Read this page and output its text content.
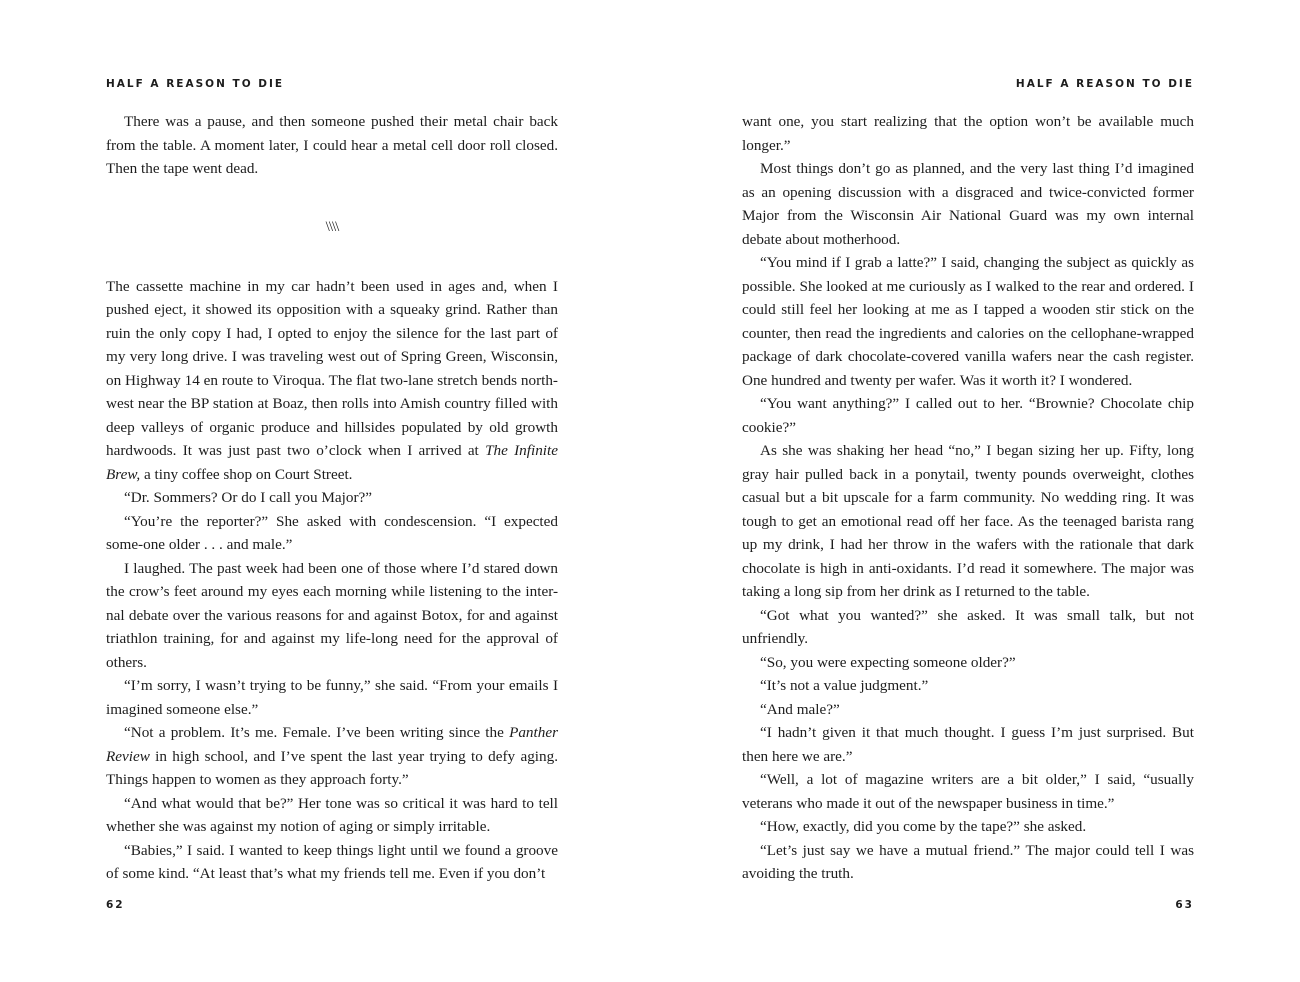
HALF A REASON TO DIE

There was a pause, and then someone pushed their metal chair back from the table. A moment later, I could hear a metal cell door roll closed. Then the tape went dead.

\\\\

The cassette machine in my car hadn’t been used in ages and, when I pushed eject, it showed its opposition with a squeaky grind. Rather than ruin the only copy I had, I opted to enjoy the silence for the last part of my very long drive. I was traveling west out of Spring Green, Wisconsin, on Highway 14 en route to Viroqua. The flat two-lane stretch bends north-west near the BP station at Boaz, then rolls into Amish country filled with deep valleys of organic produce and hillsides populated by old growth hardwoods. It was just past two o’clock when I arrived at The Infinite Brew, a tiny coffee shop on Court Street.

“Dr. Sommers? Or do I call you Major?”

“You’re the reporter?” She asked with condescension. “I expected some-one older . . . and male.”

I laughed. The past week had been one of those where I’d stared down the crow’s feet around my eyes each morning while listening to the inter-nal debate over the various reasons for and against Botox, for and against triathlon training, for and against my life-long need for the approval of others.

“I’m sorry, I wasn’t trying to be funny,” she said. “From your emails I imagined someone else.”

“Not a problem. It’s me. Female. I’ve been writing since the Panther Review in high school, and I’ve spent the last year trying to defy aging. Things happen to women as they approach forty.”

“And what would that be?” Her tone was so critical it was hard to tell whether she was against my notion of aging or simply irritable.

“Babies,” I said. I wanted to keep things light until we found a groove of some kind. “At least that’s what my friends tell me. Even if you don’t

62
HALF A REASON TO DIE

want one, you start realizing that the option won’t be available much longer.”

Most things don’t go as planned, and the very last thing I’d imagined as an opening discussion with a disgraced and twice-convicted former Major from the Wisconsin Air National Guard was my own internal debate about motherhood.

“You mind if I grab a latte?” I said, changing the subject as quickly as possible. She looked at me curiously as I walked to the rear and ordered. I could still feel her looking at me as I tapped a wooden stir stick on the counter, then read the ingredients and calories on the cellophane-wrapped package of dark chocolate-covered vanilla wafers near the cash register. One hundred and twenty per wafer. Was it worth it? I wondered.

“You want anything?” I called out to her. “Brownie? Chocolate chip cookie?”

As she was shaking her head “no,” I began sizing her up. Fifty, long gray hair pulled back in a ponytail, twenty pounds overweight, clothes casual but a bit upscale for a farm community. No wedding ring. It was tough to get an emotional read off her face. As the teenaged barista rang up my drink, I had her throw in the wafers with the rationale that dark chocolate is high in anti-oxidants. I’d read it somewhere. The major was taking a long sip from her drink as I returned to the table.

“Got what you wanted?” she asked. It was small talk, but not unfriendly.

“So, you were expecting someone older?”

“It’s not a value judgment.”

“And male?”

“I hadn’t given it that much thought. I guess I’m just surprised. But then here we are.”

“Well, a lot of magazine writers are a bit older,” I said, “usually veterans who made it out of the newspaper business in time.”

“How, exactly, did you come by the tape?” she asked.

“Let’s just say we have a mutual friend.” The major could tell I was avoiding the truth.

63
